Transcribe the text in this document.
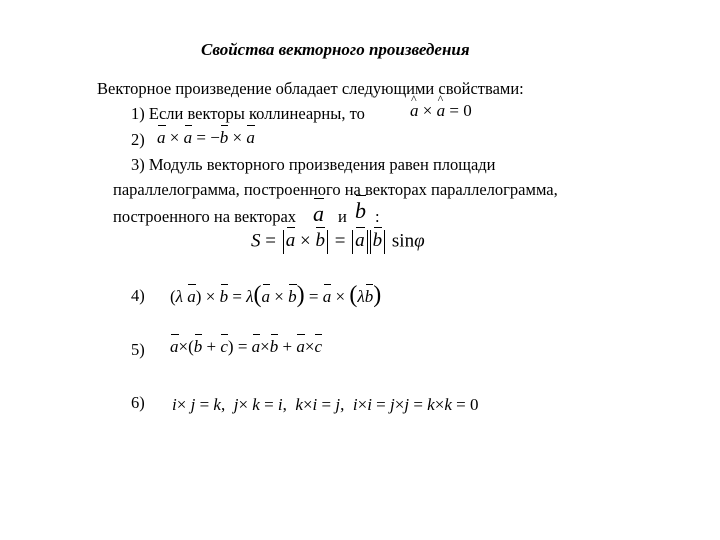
Свойства векторного произведения
Векторное произведение обладает следующими свойствами:
1) Если векторы коллинеарны, то	^ a × ^ a = 0
2) a × a = −b × a
3) Модуль векторного произведения равен площади
параллелограмма, построенного на векторах параллелограмма,
построенного на векторах a и b :
S = a × b = a b sinφ
4) (λ a) × b = λ(a × b) = a × (λb)
5) a×(b + c) = a×b + a×c
6) i× j = k, j× k = i, k×i = j, i×i = j×j = k×k = 0
